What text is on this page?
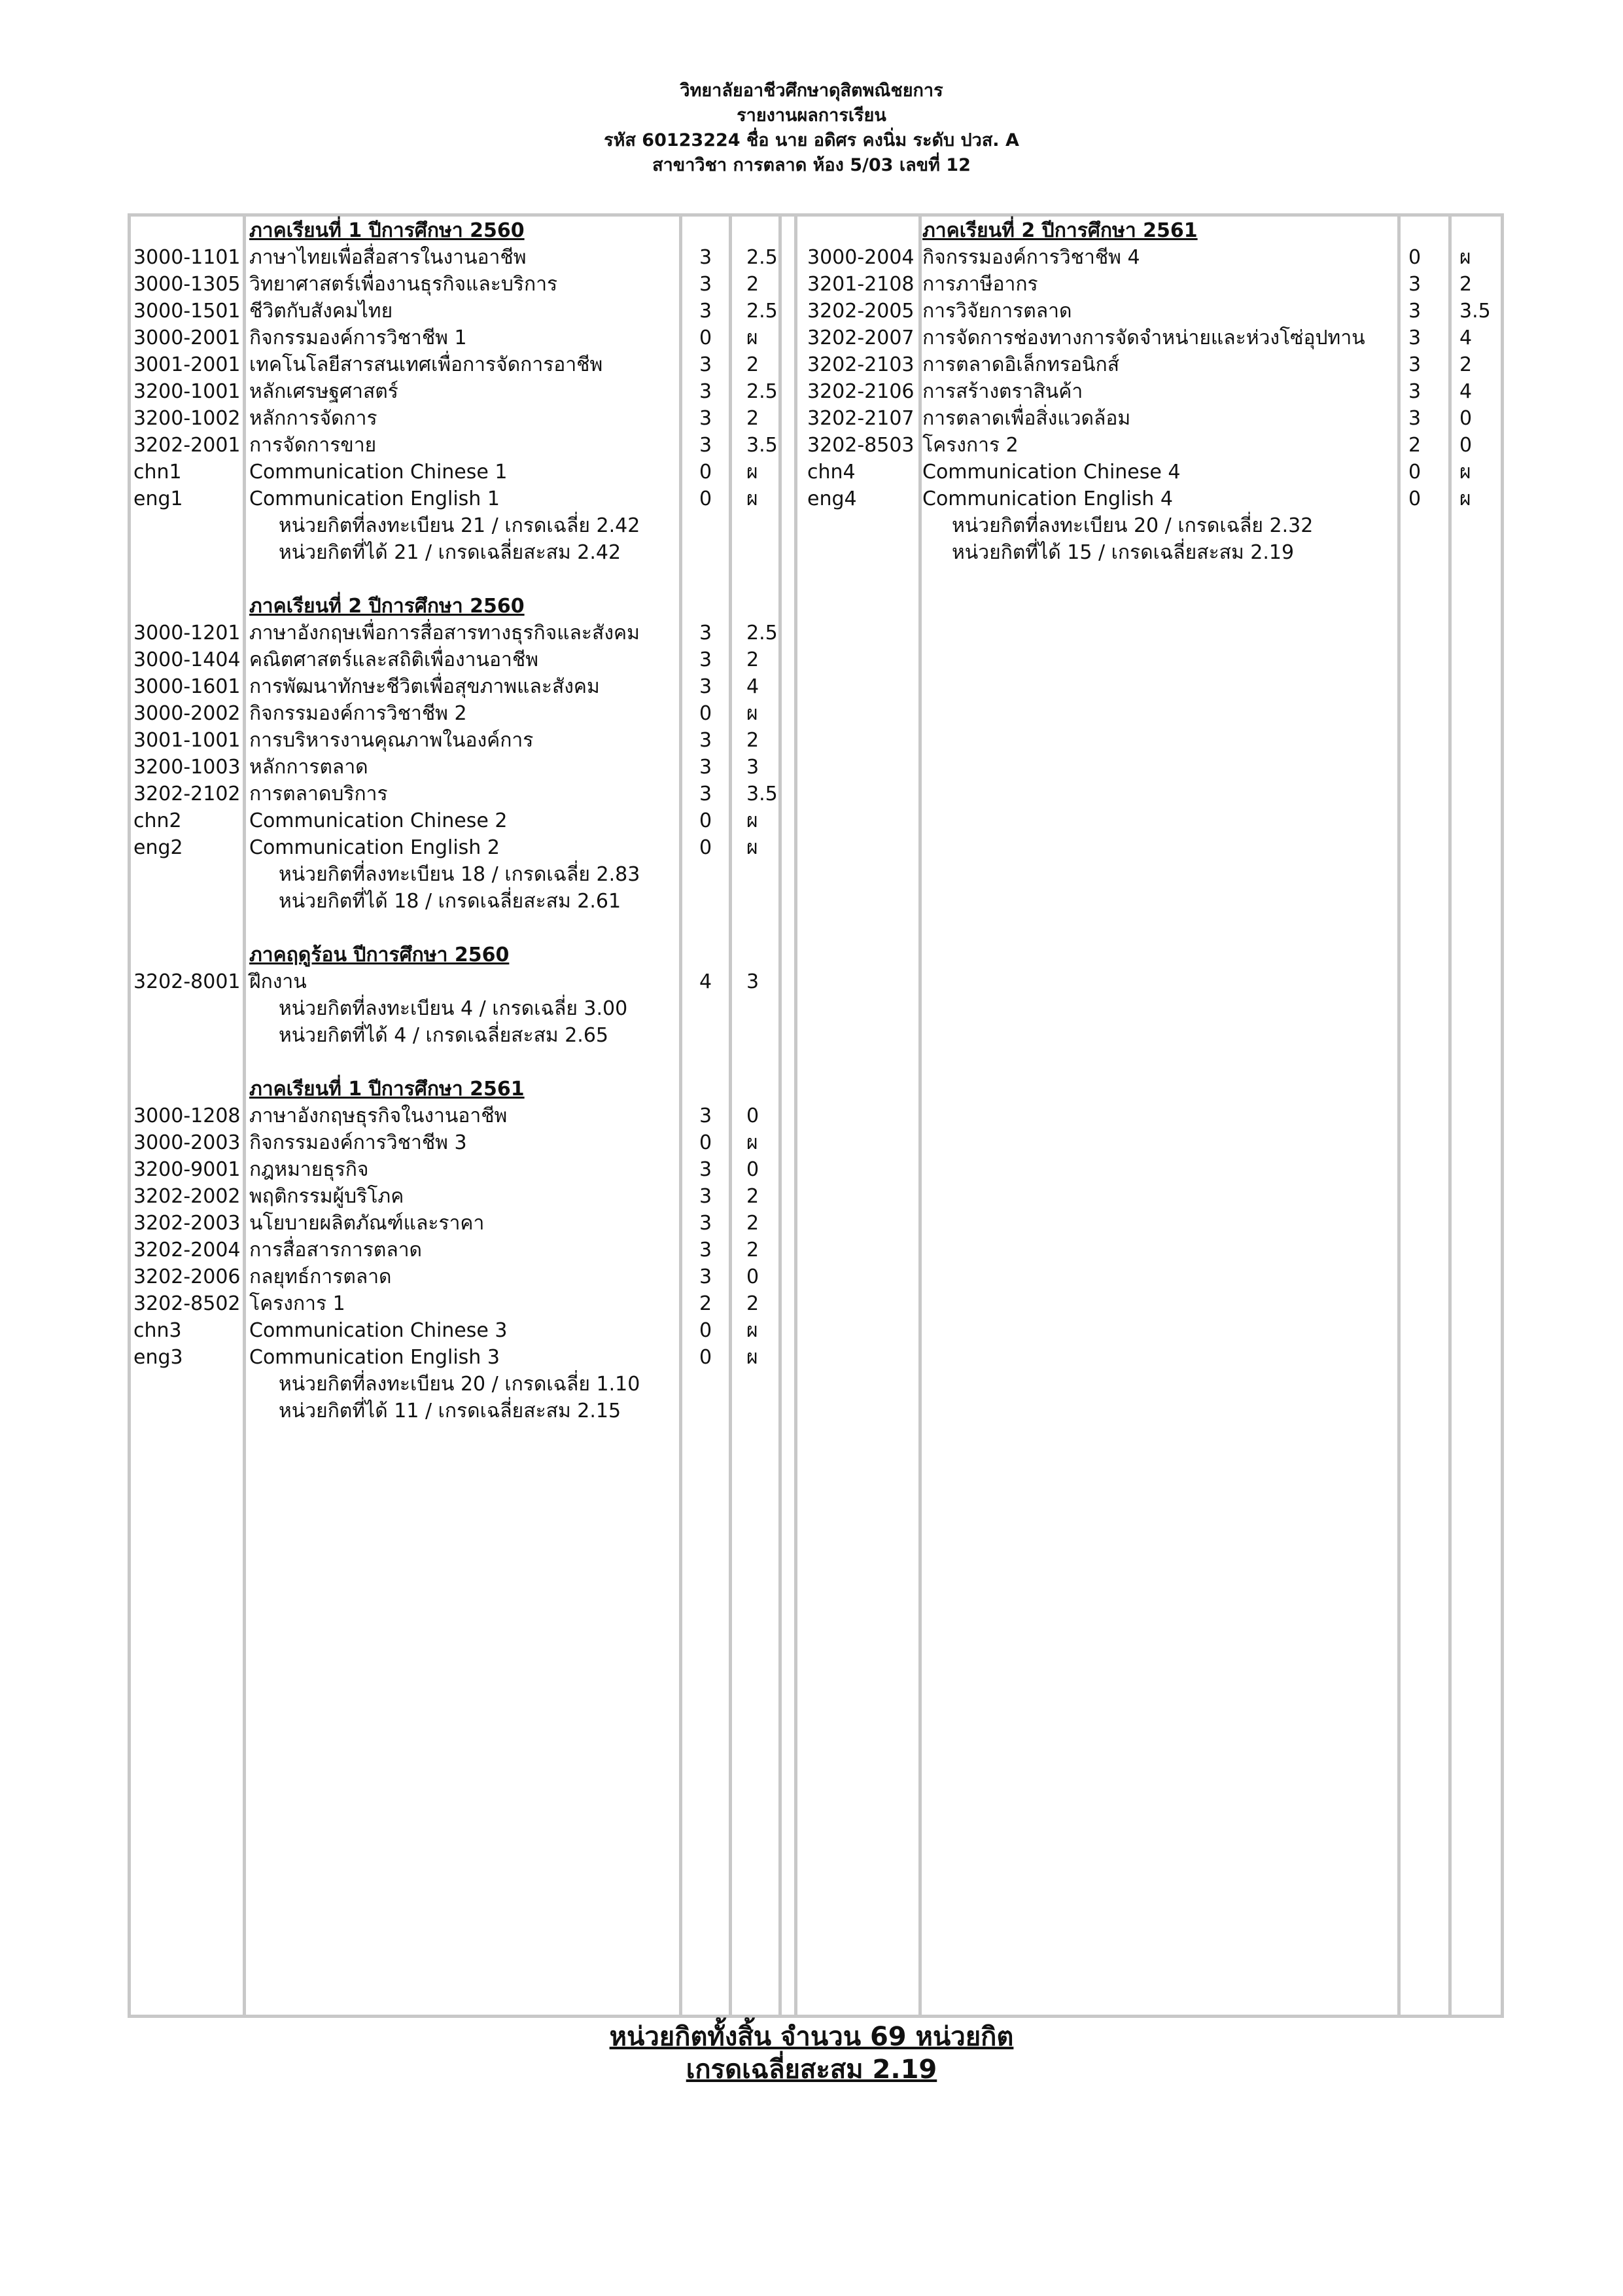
วิทยาลัยอาชีวศึกษาดุสิตพณิชยการ
รายงานผลการเรียน
รหัส 60123224 ชื่อ นาย อดิศร คงนิ่ม ระดับ ปวส. A
สาขาวิชา การตลาด ห้อง 5/03 เลขที่ 12
ภาคเรียนที่ 1 ปีการศึกษา 2560
3000-1101 ภาษาไทยเพื่อสื่อสารในงานอาชีพ	3 2.5
3000-1305 วิทยาศาสตร์เพื่องานธุรกิจและบริการ	3 2
3000-1501 ชีวิตกับสังคมไทย	3 2.5
3000-2001 กิจกรรมองค์การวิชาชีพ 1	0 ผ
3001-2001 เทคโนโลยีสารสนเทศเพื่อการจัดการอาชีพ	3 2
3200-1001 หลักเศรษฐศาสตร์	3 2.5
3200-1002 หลักการจัดการ	3 2
3202-2001 การจัดการขาย	3 3.5
chn1	Communication Chinese 1	0 ผ
eng1	Communication English 1	0 ผ
หน่วยกิตที่ลงทะเบียน 21 / เกรดเฉลี่ย 2.42
หน่วยกิตที่ได้ 21 / เกรดเฉลี่ยสะสม 2.42
ภาคเรียนที่ 2 ปีการศึกษา 2560
3000-1201 ภาษาอังกฤษเพื่อการสื่อสารทางธุรกิจและสังคม	3 2.5
3000-1404 คณิตศาสตร์และสถิติเพื่องานอาชีพ	3 2
3000-1601 การพัฒนาทักษะชีวิตเพื่อสุขภาพและสังคม	3 4
3000-2002 กิจกรรมองค์การวิชาชีพ 2	0 ผ
3001-1001 การบริหารงานคุณภาพในองค์การ	3 2
3200-1003 หลักการตลาด	3 3
3202-2102 การตลาดบริการ	3 3.5
chn2	Communication Chinese 2	0 ผ
eng2	Communication English 2	0 ผ
หน่วยกิตที่ลงทะเบียน 18 / เกรดเฉลี่ย 2.83
หน่วยกิตที่ได้ 18 / เกรดเฉลี่ยสะสม 2.61
ภาคฤดูร้อน ปีการศึกษา 2560
3202-8001 ฝึกงาน	4 3
หน่วยกิตที่ลงทะเบียน 4 / เกรดเฉลี่ย 3.00
หน่วยกิตที่ได้ 4 / เกรดเฉลี่ยสะสม 2.65
ภาคเรียนที่ 1 ปีการศึกษา 2561
3000-1208 ภาษาอังกฤษธุรกิจในงานอาชีพ	3 0
3000-2003 กิจกรรมองค์การวิชาชีพ 3	0 ผ
3200-9001 กฎหมายธุรกิจ	3 0
3202-2002 พฤติกรรมผู้บริโภค	3 2
3202-2003 นโยบายผลิตภัณฑ์และราคา	3 2
3202-2004 การสื่อสารการตลาด	3 2
3202-2006 กลยุทธ์การตลาด	3 0
3202-8502 โครงการ 1	2 2
chn3	Communication Chinese 3	0 ผ
eng3	Communication English 3	0 ผ
หน่วยกิตที่ลงทะเบียน 20 / เกรดเฉลี่ย 1.10
หน่วยกิตที่ได้ 11 / เกรดเฉลี่ยสะสม 2.15
ภาคเรียนที่ 2 ปีการศึกษา 2561
3000-2004 กิจกรรมองค์การวิชาชีพ 4	0 ผ
3201-2108 การภาษีอากร	3 2
3202-2005 การวิจัยการตลาด	3 3.5
3202-2007 การจัดการช่องทางการจัดจำหน่ายและห่วงโซ่อุปทาน 3 4
3202-2103 การตลาดอิเล็กทรอนิกส์	3 2
3202-2106 การสร้างตราสินค้า	3 4
3202-2107 การตลาดเพื่อสิ่งแวดล้อม	3 0
3202-8503 โครงการ 2	2 0
chn4	Communication Chinese 4	0 ผ
eng4	Communication English 4	0 ผ
หน่วยกิตที่ลงทะเบียน 20 / เกรดเฉลี่ย 2.32
หน่วยกิตที่ได้ 15 / เกรดเฉลี่ยสะสม 2.19
หน่วยกิตทั้งสิ้น จำนวน 69 หน่วยกิต
เกรดเฉลี่ยสะสม 2.19
